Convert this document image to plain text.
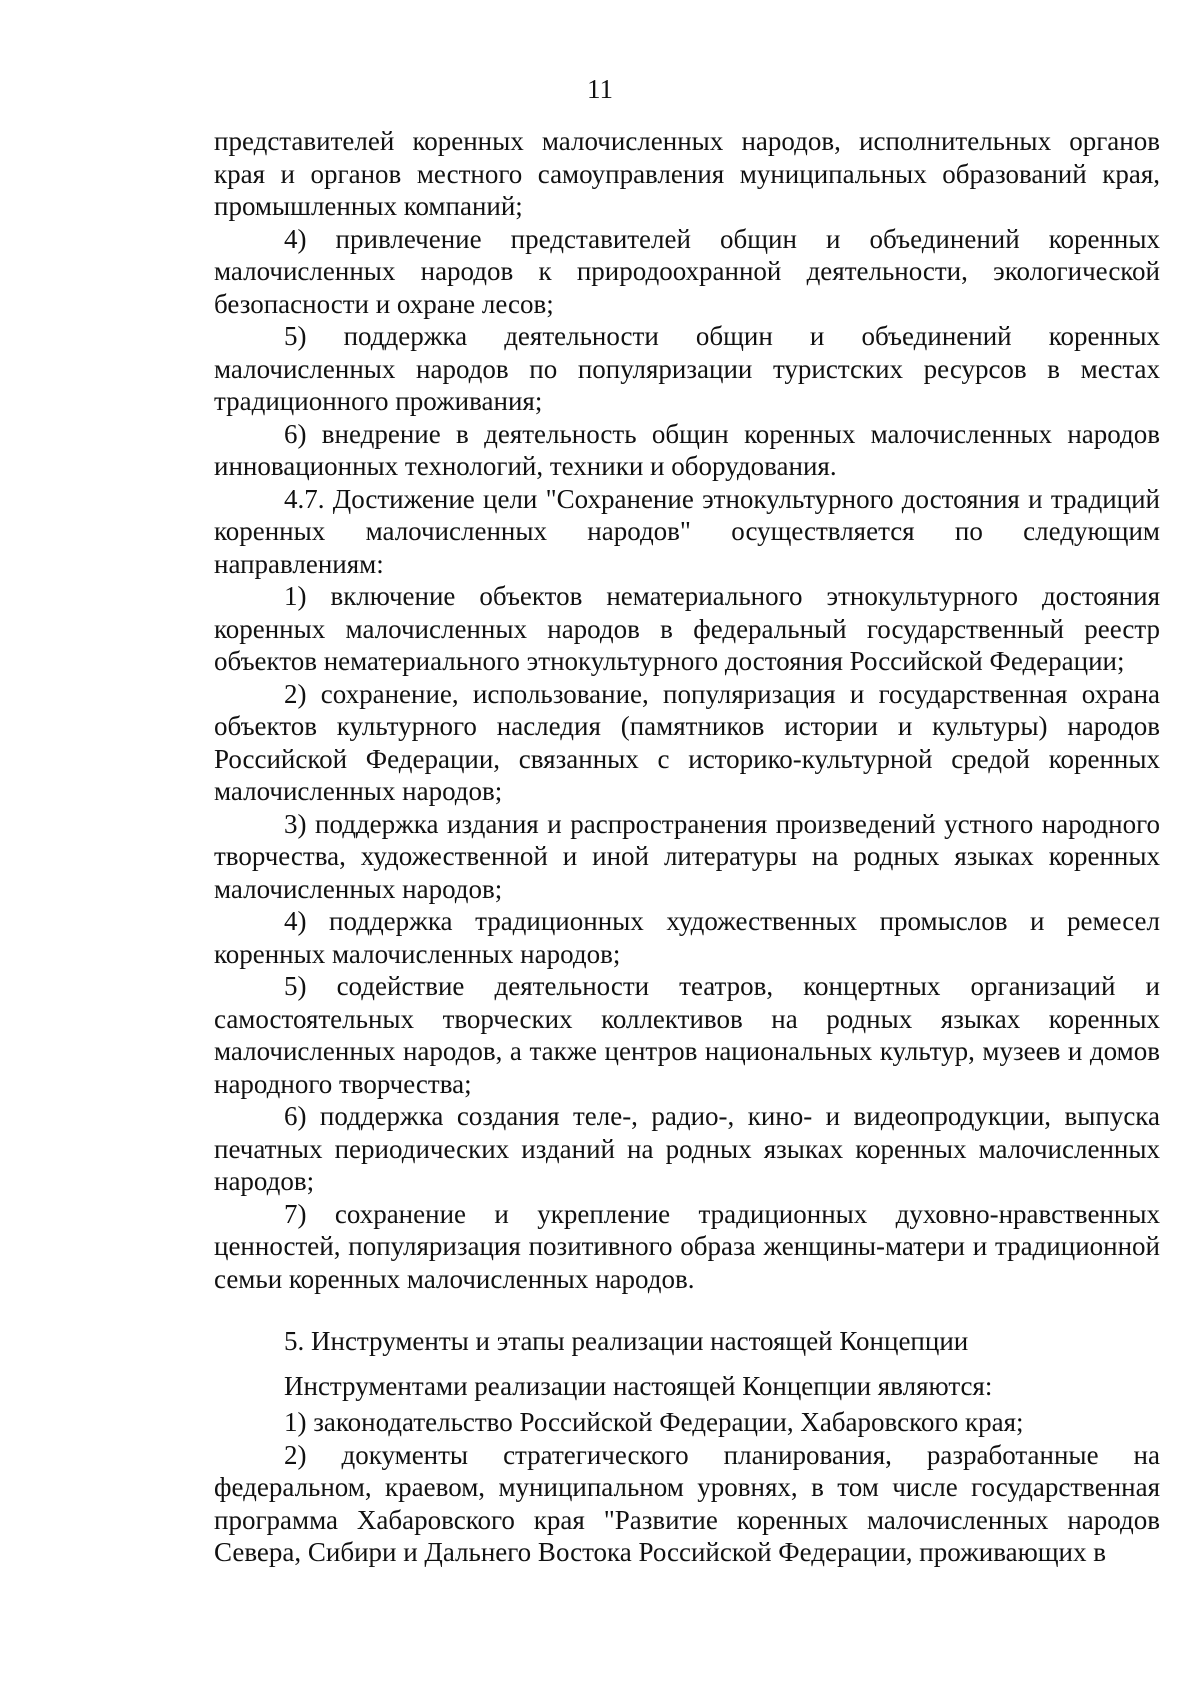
11

представителей коренных малочисленных народов, исполнительных органов края и органов местного самоуправления муниципальных образований края, промышленных компаний;

4) привлечение представителей общин и объединений коренных малочисленных народов к природоохранной деятельности, экологической безопасности и охране лесов;

5) поддержка деятельности общин и объединений коренных малочисленных народов по популяризации туристских ресурсов в местах традиционного проживания;

6) внедрение в деятельность общин коренных малочисленных народов инновационных технологий, техники и оборудования.

4.7. Достижение цели "Сохранение этнокультурного достояния и традиций коренных малочисленных народов" осуществляется по следующим направлениям:

1) включение объектов нематериального этнокультурного достояния коренных малочисленных народов в федеральный государственный реестр объектов нематериального этнокультурного достояния Российской Федерации;

2) сохранение, использование, популяризация и государственная охрана объектов культурного наследия (памятников истории и культуры) народов Российской Федерации, связанных с историко-культурной средой коренных малочисленных народов;

3) поддержка издания и распространения произведений устного народного творчества, художественной и иной литературы на родных языках коренных малочисленных народов;

4) поддержка традиционных художественных промыслов и ремесел коренных малочисленных народов;

5) содействие деятельности театров, концертных организаций и самостоятельных творческих коллективов на родных языках коренных малочисленных народов, а также центров национальных культур, музеев и домов народного творчества;

6) поддержка создания теле-, радио-, кино- и видеопродукции, выпуска печатных периодических изданий на родных языках коренных малочисленных народов;

7) сохранение и укрепление традиционных духовно-нравственных ценностей, популяризация позитивного образа женщины-матери и традиционной семьи коренных малочисленных народов.

5. Инструменты и этапы реализации настоящей Концепции

Инструментами реализации настоящей Концепции являются:

1) законодательство Российской Федерации, Хабаровского края;

2) документы стратегического планирования, разработанные на федеральном, краевом, муниципальном уровнях, в том числе государственная программа Хабаровского края "Развитие коренных малочисленных народов Севера, Сибири и Дальнего Востока Российской Федерации, проживающих в
